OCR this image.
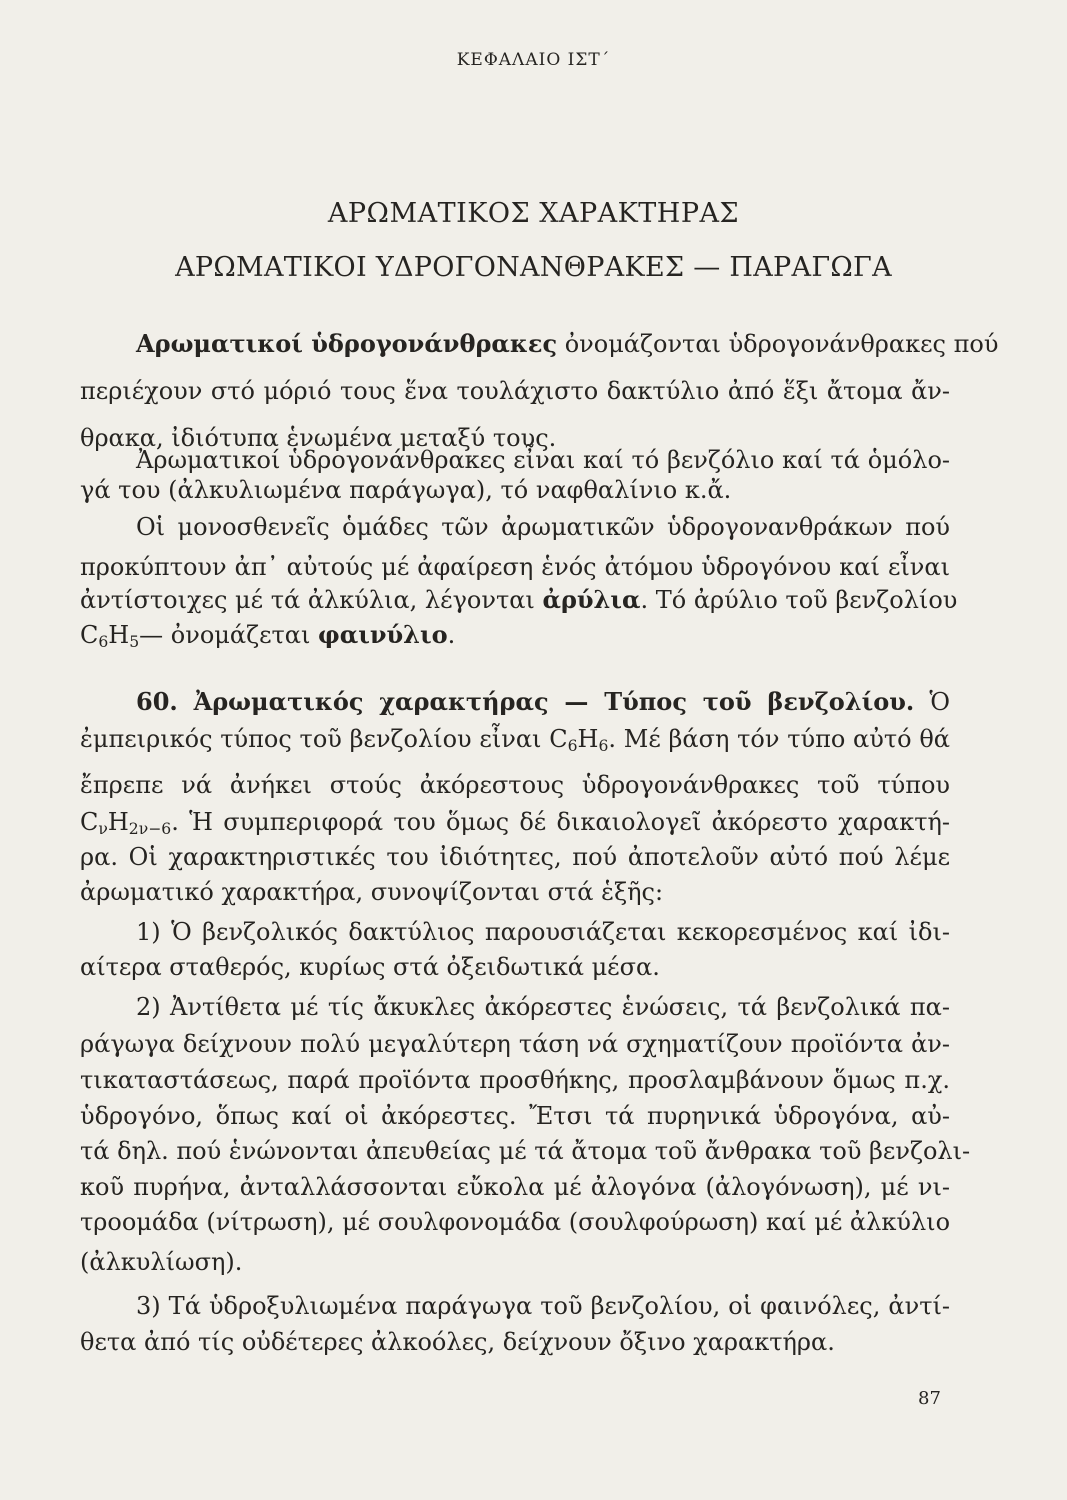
ΚΕΦΑΛΑΙΟ ΙΣΤ΄
ΑΡΩΜΑΤΙΚΟΣ ΧΑΡΑΚΤΗΡΑΣ
ΑΡΩΜΑΤΙΚΟΙ ΥΔΡΟΓΟΝΑΝΘΡΑΚΕΣ — ΠΑΡΑΓΩΓΑ
Αρωματικοί ὑδρογονάνθρακες ὀνομάζονται ὑδρογονάνθρακες πού
περιέχουν στό μόριό τους ἕνα τουλάχιστο δακτύλιο ἀπό ἕξι ἄτομα ἄν-
θρακα, ἰδιότυπα ἑνωμένα μεταξύ τους.
Ἀρωματικοί ὑδρογονάνθρακες εἶναι καί τό βενζόλιο καί τά ὁμόλο-
γά του (ἀλκυλιωμένα παράγωγα), τό ναφθαλίνιο κ.ἄ.
Οἱ μονοσθενεῖς ὁμάδες τῶν ἀρωματικῶν ὑδρογονανθράκων πού
προκύπτουν ἀπ᾿ αὐτούς μέ ἀφαίρεση ἑνός ἀτόμου ὑδρογόνου καί εἶναι
ἀντίστοιχες μέ τά ἀλκύλια, λέγονται ἀρύλια. Τό ἀρύλιο τοῦ βενζολίου
$C_6H_5—$ ὀνομάζεται φαινύλιο.
60. Ἀρωματικός χαρακτήρας — Τύπος τοῦ βενζολίου. Ὁ
ἐμπειρικός τύπος τοῦ βενζολίου εἶναι $C_6H_6$. Μέ βάση τόν τύπο αὐτό θά
ἔπρεπε νά ἀνήκει στούς ἀκόρεστους ὑδρογονάνθρακες τοῦ τύπου
$C_\nu H_{2\nu-6}$. Ἡ συμπεριφορά του ὅμως δέ δικαιολογεῖ ἀκόρεστο χαρακτή-
ρα. Οἱ χαρακτηριστικές του ἰδιότητες, πού ἀποτελοῦν αὐτό πού λέμε
ἀρωματικό χαρακτήρα, συνοψίζονται στά ἑξῆς:
1) Ὁ βενζολικός δακτύλιος παρουσιάζεται κεκορεσμένος καί ἰδι-
αίτερα σταθερός, κυρίως στά ὀξειδωτικά μέσα.
2) Ἀντίθετα μέ τίς ἄκυκλες ἀκόρεστες ἑνώσεις, τά βενζολικά πα-
ράγωγα δείχνουν πολύ μεγαλύτερη τάση νά σχηματίζουν προϊόντα ἀν-
τικαταστάσεως, παρά προϊόντα προσθήκης, προσλαμβάνουν ὅμως π.χ.
ὑδρογόνο, ὅπως καί οἱ ἀκόρεστες. Ἔτσι τά πυρηνικά ὑδρογόνα, αὐ-
τά δηλ. πού ἑνώνονται ἀπευθείας μέ τά ἄτομα τοῦ ἄνθρακα τοῦ βενζολι-
κοῦ πυρήνα, ἀνταλλάσσονται εὔκολα μέ ἀλογόνα (ἀλογόνωση), μέ νι-
τροομάδα (νίτρωση), μέ σουλφονομάδα (σουλφούρωση) καί μέ ἀλκύλιο
(ἀλκυλίωση).
3) Τά ὑδροξυλιωμένα παράγωγα τοῦ βενζολίου, οἱ φαινόλες, ἀντί-
θετα ἀπό τίς οὐδέτερες ἀλκοόλες, δείχνουν ὄξινο χαρακτήρα.
87
